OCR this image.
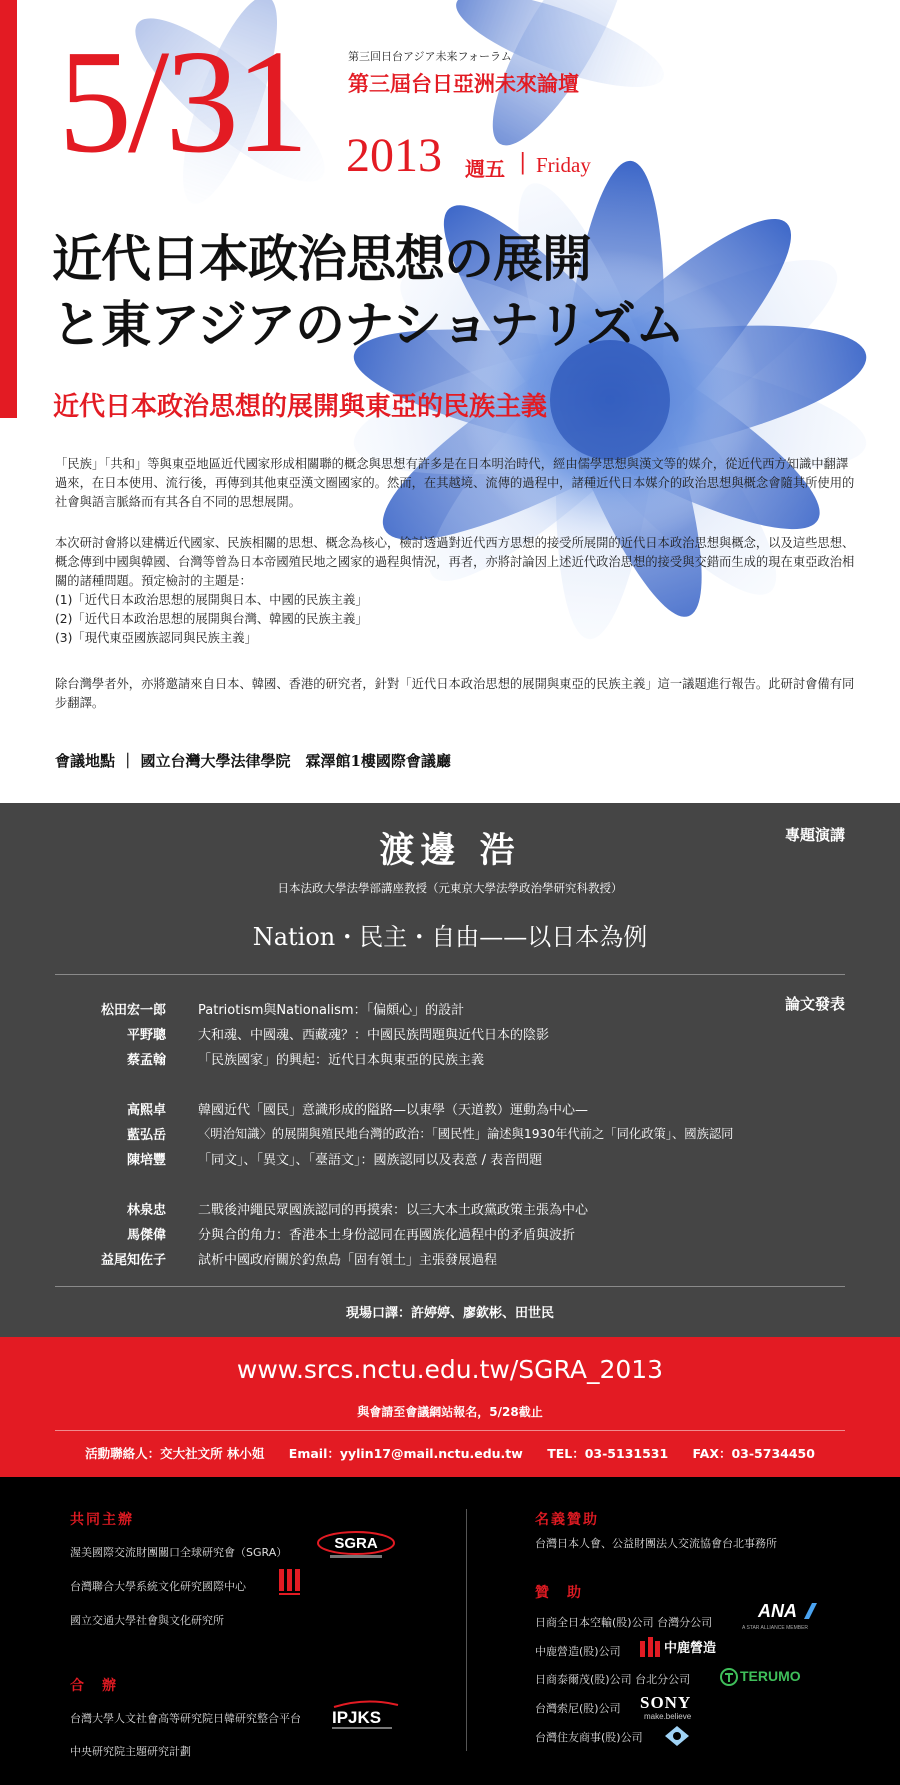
5/31	第三回日台アジア未来フォーラム
第三屆台日亞洲未來論壇
2013 週五 | Friday
近代日本政治思想の展開
と東アジアのナショナリズム
近代日本政治思想的展開與東亞的民族主義
「民族」「共和」等與東亞地區近代國家形成相關聯的概念與思想有許多是在日本明治時代，經由儒學思想與漢文等的媒介，從近代西方知識中翻譯過來，在日本使用、流行後，再傳到其他東亞漢文圈國家的。然而，在其越境、流傳的過程中，諸種近代日本媒介的政治思想與概念會隨其所使用的社會與語言脈絡而有其各自不同的思想展開。
本次研討會將以建構近代國家、民族相關的思想、概念為核心，檢討透過對近代西方思想的接受所展開的近代日本政治思想與概念，以及這些思想、概念傳到中國與韓國、台灣等曾為日本帝國殖民地之國家的過程與情況，再者，亦將討論因上述近代政治思想的接受與交錯而生成的現在東亞政治相關的諸種問題。預定檢討的主題是：
(1)「近代日本政治思想的展開與日本、中國的民族主義」
(2)「近代日本政治思想的展開與台灣、韓國的民族主義」
(3)「現代東亞國族認同與民族主義」
除台灣學者外，亦將邀請來自日本、韓國、香港的研究者，針對「近代日本政治思想的展開與東亞的民族主義」這一議題進行報告。此研討會備有同步翻譯。
會議地點 ｜ 國立台灣大學法律學院　霖澤館1樓國際會議廳
專題演講
渡邊 浩
日本法政大學法學部講座教授（元東京大學法學政治學研究科教授）
Nation・民主・自由——以日本為例
論文發表
松田宏一郎 Patriotism與Nationalism：「偏頗心」的設計
平野聰 大和魂、中國魂、西藏魂？：中國民族問題與近代日本的陰影
蔡孟翰 「民族國家」的興起：近代日本與東亞的民族主義
高熙卓 韓國近代「國民」意識形成的隘路—以東學（天道教）運動為中心—
藍弘岳	〈明治知識〉的展開與殖民地台灣的政治：「國民性」論述與1930年代前之「同化政策」、國族認同
陳培豐 「同文」、「異文」、「臺語文」：國族認同以及表意 / 表音問題
林泉忠 二戰後沖繩民眾國族認同的再摸索：以三大本土政黨政策主張為中心
馬傑偉 分與合的角力：香港本土身份認同在再國族化過程中的矛盾與波折
益尾知佐子 試析中國政府關於釣魚島「固有領土」主張發展過程
現場口譯：許婷婷、廖欽彬、田世民
www.srcs.nctu.edu.tw/SGRA_2013
與會請至會議網站報名，5/28截止
活動聯絡人：交大社文所 林小姐 Email：yylin17@mail.nctu.edu.tw TEL：03-5131531 FAX：03-5734450
共同主辦
渥美國際交流財團關口全球研究會（SGRA）
台灣聯合大學系統文化研究國際中心
國立交通大學社會與文化研究所
SGRA
合　辦
台灣大學人文社會高等研究院日韓研究整合平台
中央研究院主題研究計劃
IPJKS
名義贊助
台灣日本人會、公益財團法人交流協會台北事務所
贊　助
日商全日本空輸(股)公司 台灣分公司
中鹿營造(股)公司
日商泰爾茂(股)公司 台北分公司
台灣索尼(股)公司
台灣住友商事(股)公司
ANA
A STAR ALLIANCE MEMBER
中鹿營造
TERUMO
SONY
make.believe
